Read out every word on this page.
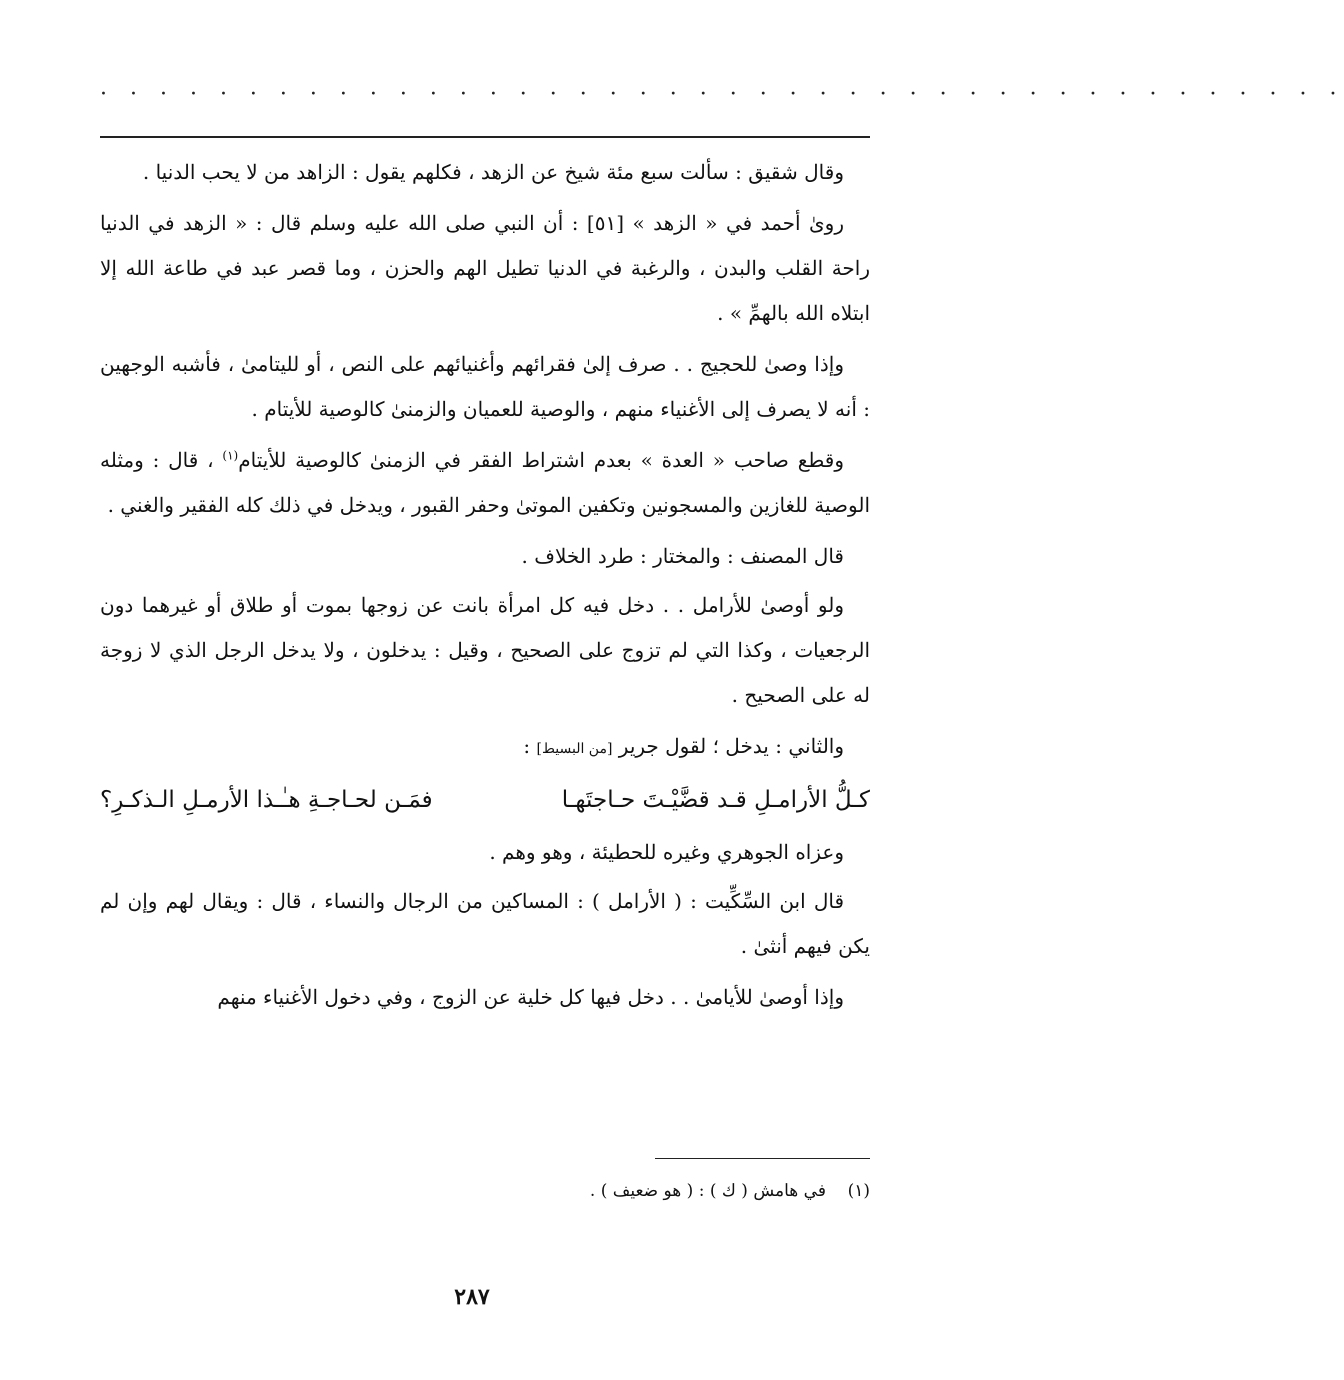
· · · · · · · · · · · · · · · · · · · · · · · · · · · · · · · · · · · · · · · · · ·

وقال شقيق : سألت سبع مئة شيخ عن الزهد ، فكلهم يقول : الزاهد من لا يحب الدنيا .

روىٰ أحمد في « الزهد » [٥١] : أن النبي صلى الله عليه وسلم قال : « الزهد في الدنيا راحة القلب والبدن ، والرغبة في الدنيا تطيل الهم والحزن ، وما قصر عبد في طاعة الله إلا ابتلاه الله بالهمِّ » .

وإذا وصىٰ للحجيج . . صرف إلىٰ فقرائهم وأغنيائهم على النص ، أو لليتامىٰ ، فأشبه الوجهين : أنه لا يصرف إلى الأغنياء منهم ، والوصية للعميان والزمنىٰ كالوصية للأيتام .

وقطع صاحب « العدة » بعدم اشتراط الفقر في الزمنىٰ كالوصية للأيتام$^{(١)}$ ، قال : ومثله الوصية للغازين والمسجونين وتكفين الموتىٰ وحفر القبور ، ويدخل في ذلك كله الفقير والغني .

قال المصنف : والمختار : طرد الخلاف .

ولو أوصىٰ للأرامل . . دخل فيه كل امرأة بانت عن زوجها بموت أو طلاق أو غيرهما دون الرجعيات ، وكذا التي لم تزوج على الصحيح ، وقيل : يدخلون ، ولا يدخل الرجل الذي لا زوجة له على الصحيح .

والثاني : يدخل ؛ لقول جرير [من البسيط] :

كـلُّ الأرامـلِ قـد قضَّيْـتَ حـاجتَهـا
فمَـن لحـاجـةِ هـٰـذا الأرمـلِ الـذكـرِ؟

وعزاه الجوهري وغيره للحطيئة ، وهو وهم .

قال ابن السِّكِّيت : ( الأرامل ) : المساكين من الرجال والنساء ، قال : ويقال لهم وإن لم يكن فيهم أنثىٰ .

وإذا أوصىٰ للأيامىٰ . . دخل فيها كل خلية عن الزوج ، وفي دخول الأغنياء منهم

(١)    في هامش ( ك ) : ( هو ضعيف ) .
٢٨٧
